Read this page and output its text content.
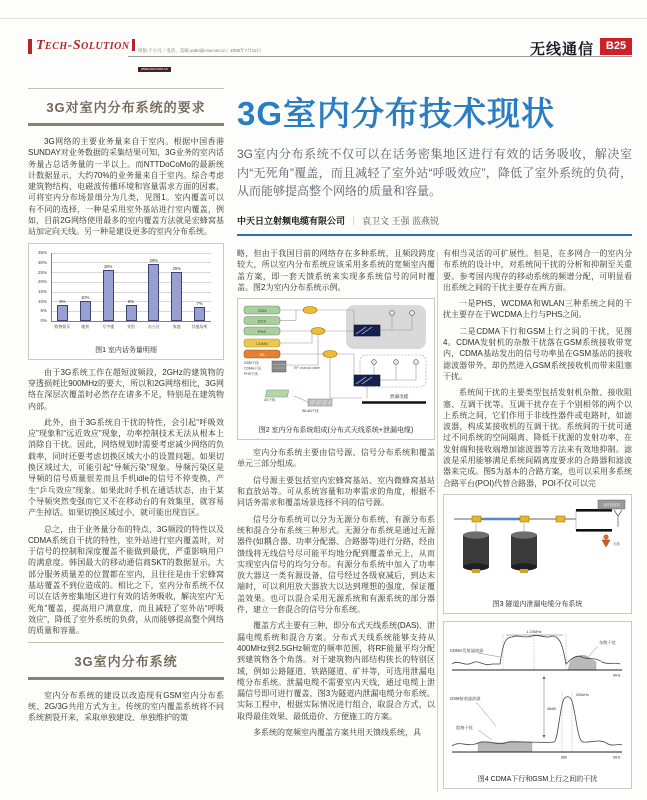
Tech-Solution 组版:于小凡｜电话、美编 yatm@cnw.net.cn｜2006年7月12日
www.cnw.com.cn
无线通信	B25
3G室内分布技术现状
3G室内分布系统不仅可以在话务密集地区进行有效的话务吸收，解决室内“无死角”覆盖，而且减轻了室外站“呼吸效应”，降低了室外系统的负荷，从而能够提高整个网络的质量和容量。
中天日立射频电缆有限公司 ｜ 袁卫文 王强 蓝燕锐
3G对室内分布系统的要求

3G网络的主要业务量来自于室内。根据中国香港SUNDAY对业务数据的采集结果可知，3G业务的室内话务量占总话务量的一半以上。而NTTDoCoMo的最新统计数据显示，大约70%的业务量来自于室内。综合考虑建筑物结构、电磁波传播环境和容量需求方面的因素，可将室内分布场景细分为几类，见图1。室内覆盖可以有不同的选择，一种是采用室外基站进行室内覆盖，例如，目前2G网络使用最多的室内覆盖方法就是宏蜂窝基站加定向天线。另一种是建设更多的室内分布系统。

0%
5%
10%
15%
20%
25%
30%
35%
8%
购物娱乐
10%
地铁
26%
写字楼
8%
宾馆
29%
办公区
25%
家庭
7%
其他场所
图1 室内话务量明细

由于3G系统工作在超短波频段，2GHz的建筑物的穿透损耗比900MHz的要大，所以和2G网络相比，3G网络在深层次覆盖时必然存在诸多不足，特别是在建筑物内部。

此外，由于3G系统自干扰的特性，会引起“呼吸效应”现象和“远近效应”现象，功率控制技术无法从根本上消除自干扰。因此，网络规划时需要考虑减少网络的负载率，同时还要考虑切换区域大小的设置问题。如果切换区域过大，可能引起“导频污染”现象。导频污染区是导频的信号质量很差而且手机idle的信号不停变换，产生“乒乓效应”现象。如果此时手机在通话状态，由于某个导频突然变强而它又不在移动台的有效集里，就容易产生掉话。如果切换区域过小，就可能出现盲区。

总之，由于业务量分布的特点、3G频段的特性以及CDMA系统自干扰的特性，室外站进行室内覆盖时，对于信号的控制和深度覆盖不能做到最优，严重影响用户的满意度。韩国最大的移动通信商SKT的数据显示，大部分服务质量差的位置都在室内，且往往是由于宏蜂窝基站覆盖不到位造成的。相比之下，室内分布系统不仅可以在话务密集地区进行有效的话务吸收，解决室内“无死角”覆盖，提高用户满意度，而且减轻了室外站“呼吸效应”，降低了室外系统的负荷，从而能够提高整个网络的质量和容量。

3G室内分布系统

室内分布系统的建设以改造现有GSM室内分布系统、2G/3G共用方式为主。传统的室内覆盖系统将不同系统割裂开来，采取单独建设、单独维护的策

略，但由于我国目前的网络存在多种系统，且频段跨度较大，所以室内分布系统应该采用多系统的宽频室内覆盖方案，即一套天馈系统来实现多系统信号的同时覆盖。图2为室内分布系统示例。

GSM
DCS
PHS
CDMA
3G
RF coaxial cable
GSM干线
CDMA干线
PHS干线
3G干线
WLAN干线
泄漏电缆
图2 室内分布系统组成(分布式天线系统+泄漏电缆)

室内分布系统主要由信号源、信号分布系统和覆盖单元三部分组成。

信号源主要包括室内宏蜂窝基站、室内微蜂窝基站和直放站等。可从系统容量和功率需求的角度，根据不同话务需求和覆盖场景选择不同的信号源。

信号分布系统可以分为无源分布系统、有源分布系统和混合分布系统三种形式。无源分布系统是通过无源器件(如耦合器、功率分配器、合路器等)进行分路，经由馈线将无线信号尽可能平均地分配到覆盖单元上，从而实现室内信号的均匀分布。有源分布系统中加入了功率放大器这一类有源设备，信号经过各级衰减后，到达末端时，可以利用放大器放大以达到理想的强度，保证覆盖效果。也可以混合采用无源系统和有源系统的部分器件，建立一套混合的信号分布系统。

覆盖方式主要有三种，即分布式天线系统(DAS)、泄漏电缆系统和混合方案。分布式天线系统能够支持从400MHz到2.5GHz频宽的频率范围，将RF能量平均分配到建筑物各个角落。对于建筑物内部结构狭长的特别区域，例如公路隧道、铁路隧道、矿井等，可选用泄漏电缆分布系统。泄漏电缆不需要室内天线，通过电缆上泄漏信号即可进行覆盖，图3为隧道内泄漏电缆分布系统。实际工程中，根据实际情况进行组合，取混合方式，以取得最佳效果、最低造价、方便施工的方案。

多系统的宽频室内覆盖方案共用天馈线系统，具

有相当灵活的可扩展性。但是，在多网合一的室内分布系统的设计中，对系统间干扰的分析和抑制至关重要。参考国内现存的移动系统的频谱分配，可明显看出系统之间的干扰主要存在两方面。

一是PHS、WCDMA和WLAN三种系统之间的干扰主要存在于WCDMA上行与PHS之间。

二是CDMA下行和GSM上行之间的干扰，见图4。CDMA发射机的杂散干扰落在GSM系统接收带宽内，CDMA基站发出的信号功率虽在GSM基站的接收滤波器带外，却仍然进入GSM系统接收机而带来阻塞干扰。

系统间干扰的主要类型包括发射机杂散、接收阻塞、互调干扰等。互调干扰存在于个别相邻的两个以上系统之间，它们作用于非线性器件或电路时，如滤波器，构成某接收机的互调干扰。系统间的干扰可通过不同系统的空间隔离、降低干扰源的发射功率、在发射端和接收端增加滤波器等方法来有效地抑制。滤波是采用能够满足系统间隔离度要求的合路器和滤波器来完成。图5为基本的合路方案，也可以采用多系统合路平台(POI)代替合路器，POI不仅可以完

光纤直放站
天线
图3 隧道内泄漏电缆分布系统
CDMA发射滤波器
1.23MHz
杂散干扰
MHz
45dB
GSM接收滤波器
阻塞干扰
200kHz
880	MHz
图4 CDMA下行和GSM上行之间的干扰
